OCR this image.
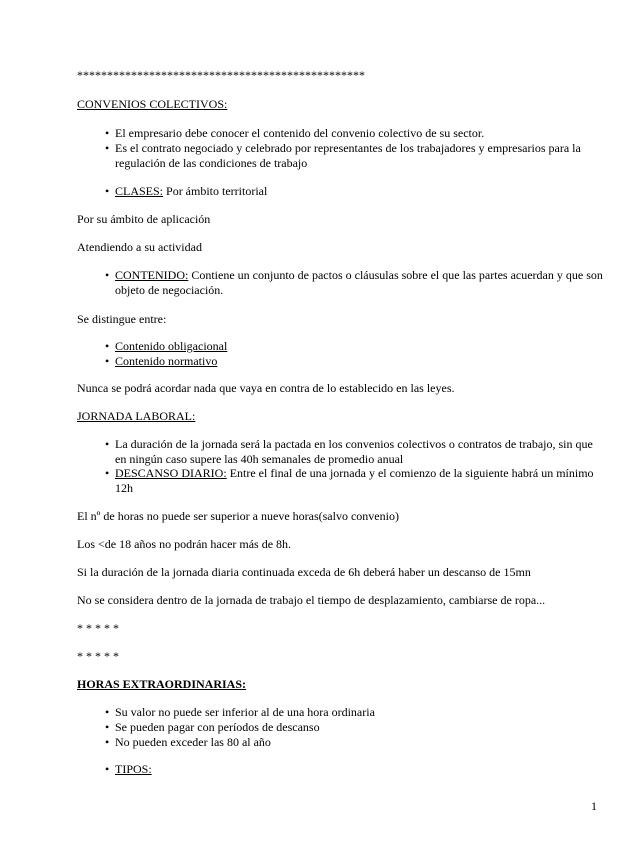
************************************************

CONVENIOS COLECTIVOS:

• El empresario debe conocer el contenido del convenio colectivo de su sector.
• Es el contrato negociado y celebrado por representantes de los trabajadores y empresarios para la

regulación de las condiciones de trabajo

• CLASES: Por ámbito territorial

Por su ámbito de aplicación

Atendiendo a su actividad

• CONTENIDO: Contiene un conjunto de pactos o cláusulas sobre el que las partes acuerdan y que son

objeto de negociación.

Se distingue entre:

• Contenido obligacional
• Contenido normativo

Nunca se podrá acordar nada que vaya en contra de lo establecido en las leyes.

JORNADA LABORAL:

• La duración de la jornada será la pactada en los convenios colectivos o contratos de trabajo, sin que

en ningún caso supere las 40h semanales de promedio anual

• DESCANSO DIARIO: Entre el final de una jornada y el comienzo de la siguiente habrá un mínimo

12h

El nº de horas no puede ser superior a nueve horas(salvo convenio)

Los <de 18 años no podrán hacer más de 8h.

Si la duración de la jornada diaria continuada exceda de 6h deberá haber un descanso de 15mn

No se considera dentro de la jornada de trabajo el tiempo de desplazamiento, cambiarse de ropa...

* * * * *

* * * * *

HORAS EXTRAORDINARIAS:

• Su valor no puede ser inferior al de una hora ordinaria
• Se pueden pagar con períodos de descanso
• No pueden exceder las 80 al año
• TIPOS:
1
